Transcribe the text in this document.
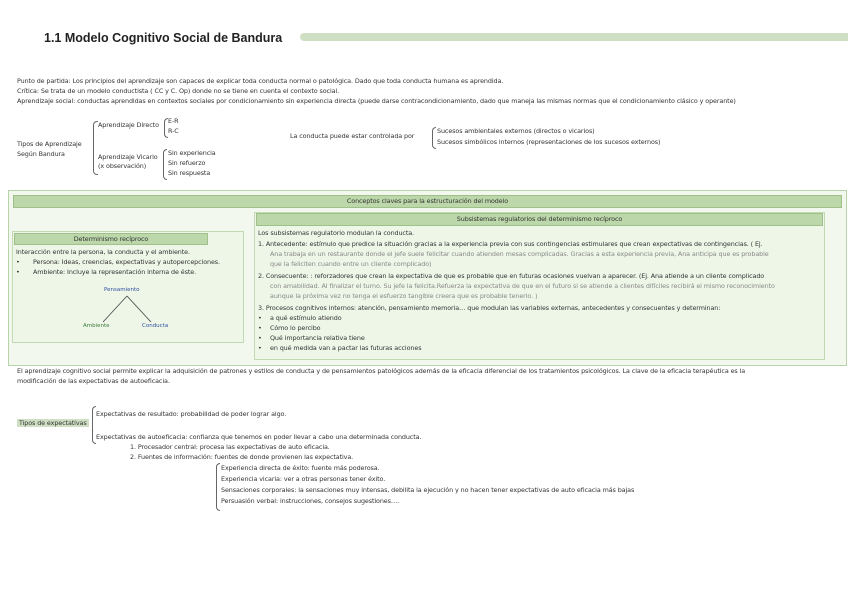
1.1 Modelo Cognitivo Social de Bandura
Punto de partida: Los principios del aprendizaje son capaces de explicar toda conducta normal o patológica. Dado que toda conducta humana es aprendida.
Crítica: Se trata de un modelo conductista ( CC y C. Op) donde no se tiene en cuenta el contexto social.
Aprendizaje social: conductas aprendidas en contextos sociales por condicionamiento sin experiencia directa (puede darse contracondicionamiento, dado que maneja las mismas normas que el condicionamiento clásico y operante)
Tipos de Aprendizaje
Según Bandura
Aprendizaje Directo E-R
R-C
Aprendizaje Vicario
(x observación)
Sin experiencia
Sin refuerzo
Sin respuesta
La conducta puede estar controlada por
Sucesos ambientales externos (directos o vicarios)
Sucesos simbólicos internos (representaciones de los sucesos externos)
Conceptos claves para la estructuración del modelo
Determinismo recíproco
Interacción entre la persona, la conducta y el ambiente.
• Persona: Ideas, creencias, expectativas y autopercepciones.
• Ambiente: Incluye la representación interna de éste.
Pensamiento
Ambiente	Conducta
Subsistemas regulatorios del determinismo recíproco
Los subsistemas regulatorio modulan la conducta.
1. Antecedente: estímulo que predice la situación gracias a la experiencia previa con sus contingencias estimulares que crean expectativas de contingencias. ( Ej.
Ana trabaja en un restaurante donde el jefe suele felicitar cuando atienden mesas complicadas. Gracias a esta experiencia previa, Ana anticipa que es probable
que la feliciten cuando entre un cliente complicado)
2. Consecuente: : reforzadores que crean la expectativa de que es probable que en futuras ocasiones vuelvan a aparecer. (Ej. Ana atiende a un cliente complicado
con amabilidad. Al finalizar el turno. Su jefe la felicita.Refuerza la expectativa de que en el futuro si se atiende a clientes difíciles recibirá el mismo reconocimiento
aunque la próxima vez no tenga el esfuerzo tangible creera que es probable tenerlo. )
3. Procesos cognitivos internos: atención, pensamiento memoria… que modulan las variables externas, antecedentes y consecuentes y determinan:
• a qué estímulo atiendo
• Cómo lo percibo
• Qué importancia relativa tiene
• en qué medida van a pactar las futuras acciones
El aprendizaje cognitivo social permite explicar la adquisición de patrones y estilos de conducta y de pensamientos patológicos además de la eficacia diferencial de los tratamientos psicológicos. La clave de la eficacia terapéutica es la
modificación de las expectativas de autoeficacia.
Tipos de expectativas
Expectativas de resultado: probabilidad de poder lograr algo.
Expectativas de autoeficacia: confianza que tenemos en poder llevar a cabo una determinada conducta.
1. Procesador central: procesa las expectativas de auto eficacia.
2. Fuentes de información: fuentes de donde provienen las expectativa.
Experiencia directa de éxito: fuente más poderosa.
Experiencia vicaria: ver a otras personas tener éxito.
Sensaciones corporales: la sensaciones muy intensas, debilita la ejecución y no hacen tener expectativas de auto eficacia más bajas
Persuasión verbal: instrucciones, consejos sugestiones….
